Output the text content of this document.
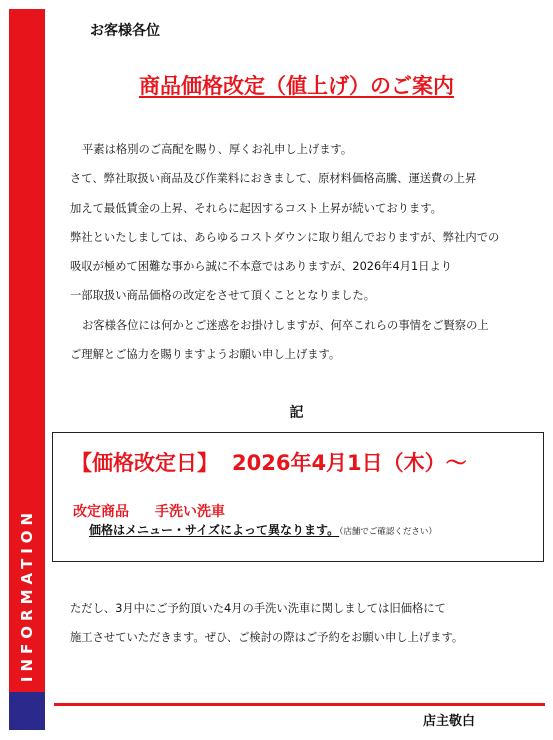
INFORMATION
お客様各位
商品価格改定（値上げ）のご案内
平素は格別のご高配を賜り、厚くお礼申し上げます。
さて、弊社取扱い商品及び作業料におきまして、原材料価格高騰、運送費の上昇
加えて最低賃金の上昇、それらに起因するコスト上昇が続いております。
弊社といたしましては、あらゆるコストダウンに取り組んでおりますが、弊社内での
吸収が極めて困難な事から誠に不本意ではありますが、2026年4月1日より
一部取扱い商品価格の改定をさせて頂くこととなりました。
お客様各位には何かとご迷惑をお掛けしますが、何卒これらの事情をご賢察の上
ご理解とご協力を賜りますようお願い申し上げます。
記
【価格改定日】 2026年4月1日（木）～
改定商品 手洗い洗車
価格はメニュー・サイズによって異なります。（店舗でご確認ください）
ただし、3月中にご予約頂いた4月の手洗い洗車に関しましては旧価格にて
施工させていただきます。ぜひ、ご検討の際はご予約をお願い申し上げます。
店主敬白
